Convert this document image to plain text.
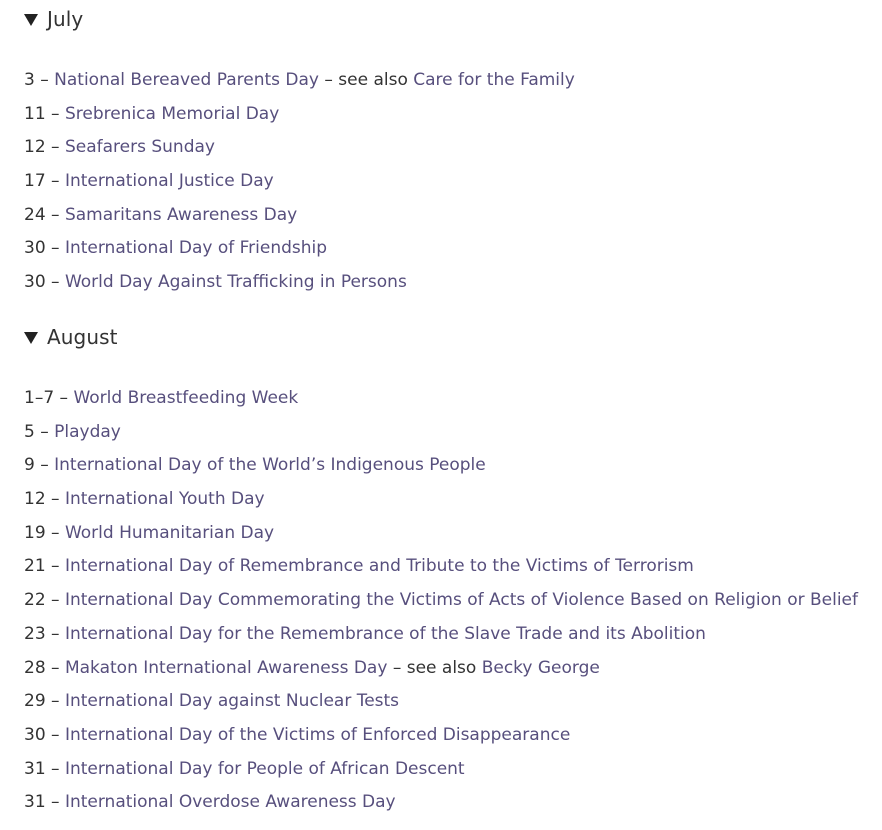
July
3 – National Bereaved Parents Day – see also Care for the Family
11 – Srebrenica Memorial Day
12 – Seafarers Sunday
17 – International Justice Day
24 – Samaritans Awareness Day
30 – International Day of Friendship
30 – World Day Against Trafficking in Persons
August
1–7 – World Breastfeeding Week
5 – Playday
9 – International Day of the World’s Indigenous People
12 – International Youth Day
19 – World Humanitarian Day
21 – International Day of Remembrance and Tribute to the Victims of Terrorism
22 – International Day Commemorating the Victims of Acts of Violence Based on Religion or Belief
23 – International Day for the Remembrance of the Slave Trade and its Abolition
28 – Makaton International Awareness Day – see also Becky George
29 – International Day against Nuclear Tests
30 – International Day of the Victims of Enforced Disappearance
31 – International Day for People of African Descent
31 – International Overdose Awareness Day
